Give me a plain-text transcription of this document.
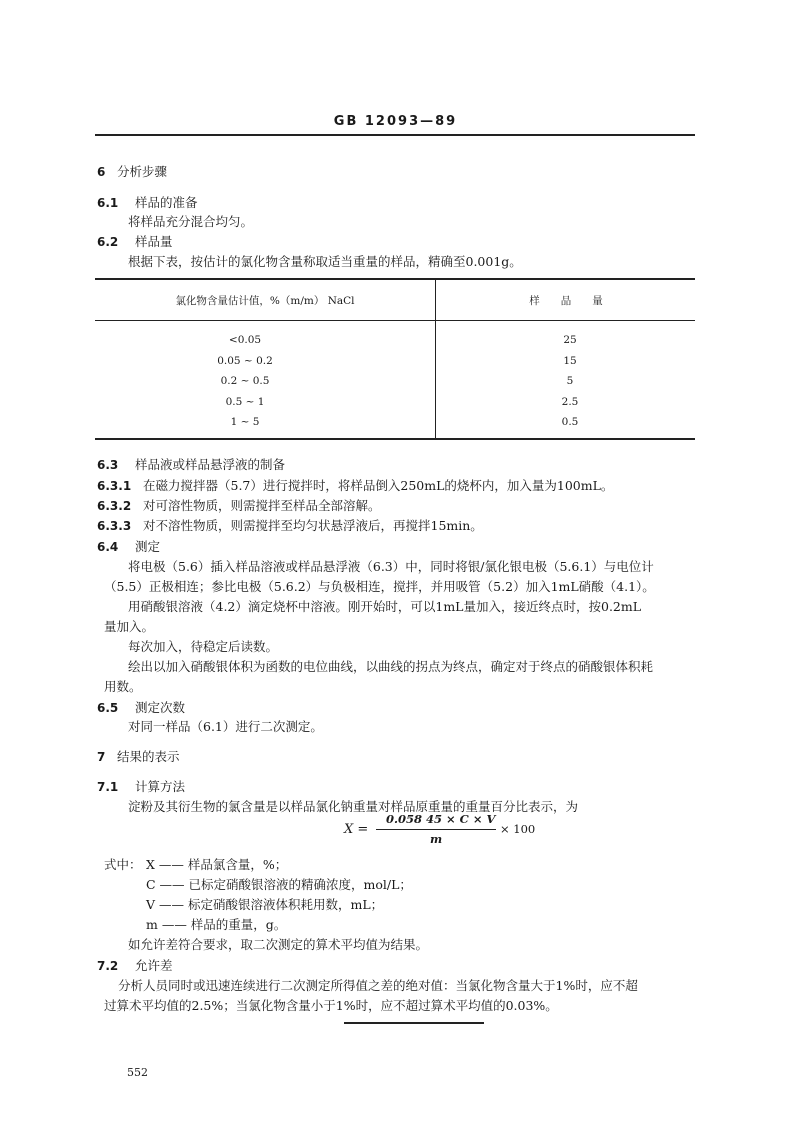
GB 12093—89
6 分析步骤
6.1 样品的准备
将样品充分混合均匀。
6.2 样品量
根据下表，按估计的氯化物含量称取适当重量的样品，精确至0.001g。
氯化物含量估计值，%（m/m） NaCl	样　　品　　量
<0.05	25
0.05 ~ 0.2	15
0.2 ~ 0.5	5
0.5 ~ 1	2.5
1 ~ 5	0.5
6.3 样品液或样品悬浮液的制备
6.3.1 在磁力搅拌器（5.7）进行搅拌时，将样品倒入250mL的烧杯内，加入量为100mL。
6.3.2 对可溶性物质，则需搅拌至样品全部溶解。
6.3.3 对不溶性物质，则需搅拌至均匀状悬浮液后，再搅拌15min。
6.4 测定
将电极（5.6）插入样品溶液或样品悬浮液（6.3）中，同时将银/氯化银电极（5.6.1）与电位计
（5.5）正极相连；参比电极（5.6.2）与负极相连，搅拌，并用吸管（5.2）加入1mL硝酸（4.1）。
用硝酸银溶液（4.2）滴定烧杯中溶液。刚开始时，可以1mL量加入，接近终点时，按0.2mL
量加入。
每次加入，待稳定后读数。
绘出以加入硝酸银体积为函数的电位曲线，以曲线的拐点为终点，确定对于终点的硝酸银体积耗
用数。
6.5 测定次数
对同一样品（6.1）进行二次测定。
7 结果的表示
7.1 计算方法
淀粉及其衍生物的氯含量是以样品氯化钠重量对样品原重量的重量百分比表示，为
X =
0.058 45 × C × V
m
× 100
式中： X —— 样品氯含量，%；
C —— 已标定硝酸银溶液的精确浓度，mol/L；
V —— 标定硝酸银溶液体积耗用数，mL；
m —— 样品的重量，g。
如允许差符合要求，取二次测定的算术平均值为结果。
7.2 允许差
分析人员同时或迅速连续进行二次测定所得值之差的绝对值：当氯化物含量大于1%时，应不超
过算术平均值的2.5%；当氯化物含量小于1%时，应不超过算术平均值的0.03%。
552
